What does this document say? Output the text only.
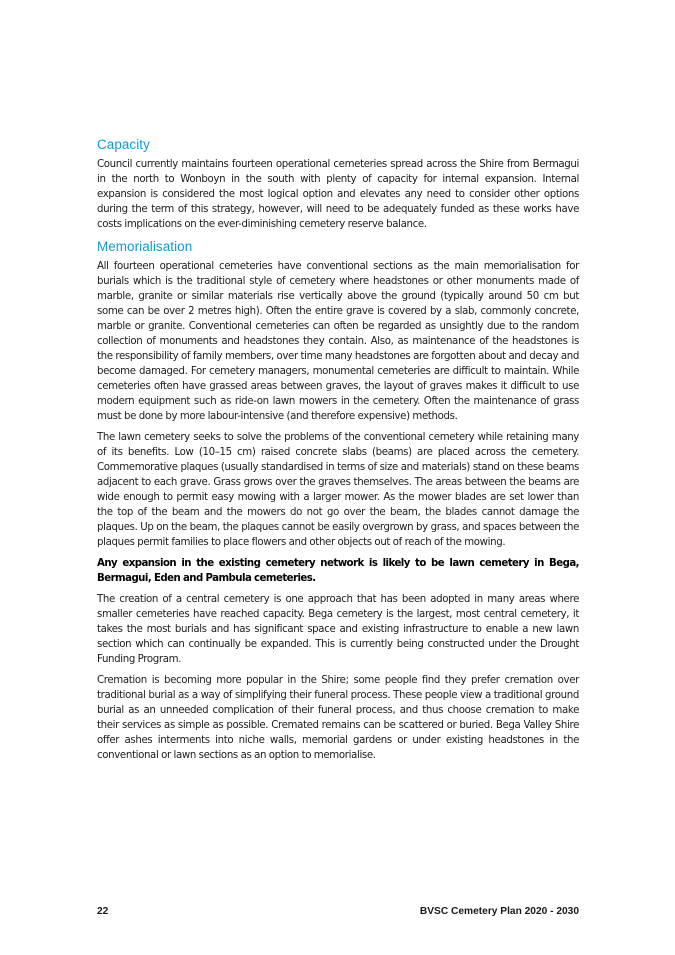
Capacity

Council currently maintains fourteen operational cemeteries spread across the Shire from Bermagui in the north to Wonboyn in the south with plenty of capacity for internal expansion. Internal expansion is considered the most logical option and elevates any need to consider other options during the term of this strategy, however, will need to be adequately funded as these works have costs implications on the ever-diminishing cemetery reserve balance.

Memorialisation

All fourteen operational cemeteries have conventional sections as the main memorialisation for burials which is the traditional style of cemetery where headstones or other monuments made of marble, granite or similar materials rise vertically above the ground (typically around 50 cm but some can be over 2 metres high). Often the entire grave is covered by a slab, commonly concrete, marble or granite. Conventional cemeteries can often be regarded as unsightly due to the random collection of monuments and headstones they contain. Also, as maintenance of the headstones is the responsibility of family members, over time many headstones are forgotten about and decay and become damaged. For cemetery managers, monumental cemeteries are difficult to maintain. While cemeteries often have grassed areas between graves, the layout of graves makes it difficult to use modern equipment such as ride-on lawn mowers in the cemetery. Often the maintenance of grass must be done by more labour-intensive (and therefore expensive) methods.

The lawn cemetery seeks to solve the problems of the conventional cemetery while retaining many of its benefits. Low (10–15 cm) raised concrete slabs (beams) are placed across the cemetery. Commemorative plaques (usually standardised in terms of size and materials) stand on these beams adjacent to each grave. Grass grows over the graves themselves. The areas between the beams are wide enough to permit easy mowing with a larger mower. As the mower blades are set lower than the top of the beam and the mowers do not go over the beam, the blades cannot damage the plaques. Up on the beam, the plaques cannot be easily overgrown by grass, and spaces between the plaques permit families to place flowers and other objects out of reach of the mowing.

Any expansion in the existing cemetery network is likely to be lawn cemetery in Bega, Bermagui, Eden and Pambula cemeteries.

The creation of a central cemetery is one approach that has been adopted in many areas where smaller cemeteries have reached capacity. Bega cemetery is the largest, most central cemetery, it takes the most burials and has significant space and existing infrastructure to enable a new lawn section which can continually be expanded. This is currently being constructed under the Drought Funding Program.

Cremation is becoming more popular in the Shire; some people find they prefer cremation over traditional burial as a way of simplifying their funeral process. These people view a traditional ground burial as an unneeded complication of their funeral process, and thus choose cremation to make their services as simple as possible. Cremated remains can be scattered or buried. Bega Valley Shire offer ashes interments into niche walls, memorial gardens or under existing headstones in the conventional or lawn sections as an option to memorialise.

22	BVSC Cemetery Plan 2020 - 2030
